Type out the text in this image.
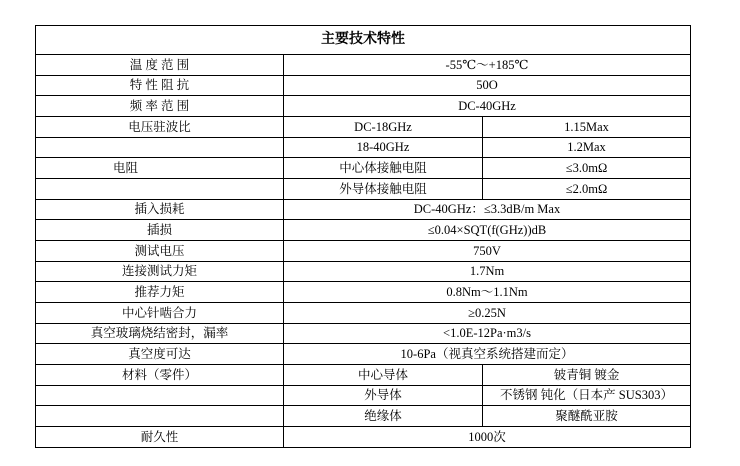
主要技术特性		
温 度 范 围	-55℃～+185℃	
特 性 阻 抗	50O	
频 率 范 围	DC-40GHz	
电压驻波比	DC-18GHz	1.15Max
	18-40GHz	1.2Max
电阻	中心体接触电阻	≤3.0mΩ
	外导体接触电阻	≤2.0mΩ
插入损耗	DC-40GHz：≤3.3dB/m Max	
插损	≤0.04×SQT(f(GHz))dB	
测试电压	750V	
连接测试力矩	1.7Nm	
推荐力矩	0.8Nm～1.1Nm	
中心针啮合力	≥0.25N	
真空玻璃烧结密封，漏率	<1.0E-12Pa·m3/s	
真空度可达	10-6Pa（视真空系统搭建而定）	
材料（零件）	中心导体	铍青铜 镀金
	外导体	不锈钢 钝化（日本产 SUS303）
	绝缘体	聚醚酰亚胺
耐久性	1000次	
